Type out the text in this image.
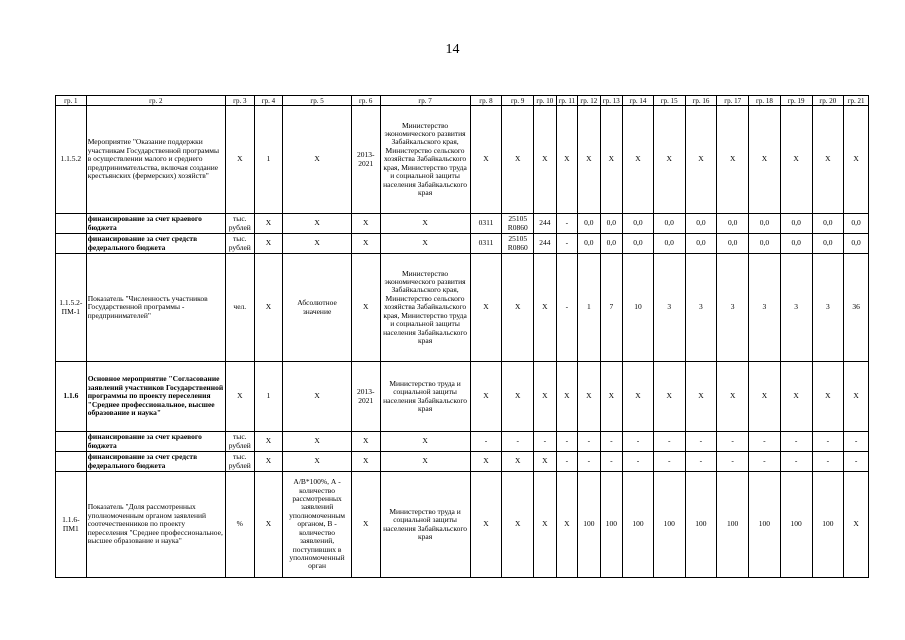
14
гр. 1	гр. 2	гр. 3	гр. 4	гр. 5	гр. 6	гр. 7	гр. 8	гр. 9	гр. 10	гр. 11	гр. 12	гр. 13	гр. 14	гр. 15	гр. 16	гр. 17	гр. 18	гр. 19	гр. 20	гр. 21
1.1.5.2	Мероприятие "Оказание поддержки участникам Государственной программы в осуществлении малого и среднего предпринимательства, включая создание крестьянских (фермерских) хозяйств"	X	1	X	2013-2021	Министерство экономического развития Забайкальского края, Министерство сельского хозяйства Забайкальского края, Министерство труда и социальной защиты населения Забайкальского края	X	X	X	X	X	X	X	X	X	X	X	X	X	X
	финансирование за счет краевого бюджета	тыс. рублей	X	X	X	X	0311	25105 R0860	244	-	0,0	0,0	0,0	0,0	0,0	0,0	0,0	0,0	0,0	0,0
	финансирование за счет средств федерального бюджета	тыс. рублей	X	X	X	X	0311	25105 R0860	244	-	0,0	0,0	0,0	0,0	0,0	0,0	0,0	0,0	0,0	0,0
1.1.5.2-ПМ-1	Показатель "Численность участников Государственной программы - предпринимателей"	чел.	X	Абсолютное значение	X	Министерство экономического развития Забайкальского края, Министерство сельского хозяйства Забайкальского края, Министерство труда и социальной защиты населения Забайкальского края	X	X	X	-	1	7	10	3	3	3	3	3	3	36
1.1.6	Основное мероприятие "Согласование заявлений участников Государственной программы по проекту переселения "Среднее профессиональное, высшее образование и наука"	X	1	X	2013-2021	Министерство труда и социальной защиты населения Забайкальского края	X	X	X	X	X	X	X	X	X	X	X	X	X	X
	финансирование за счет краевого бюджета	тыс. рублей	X	X	X	X	-	-	-	-	-	-	-	-	-	-	-	-	-	-
	финансирование за счет средств федерального бюджета	тыс. рублей	X	X	X	X	X	X	X	-	-	-	-	-	-	-	-	-	-	-
1.1.6-ПМ1	Показатель "Доля рассмотренных уполномоченным органом заявлений соотечественников по проекту переселения "Среднее профессиональное, высшее образование и наука"	%	X	А/В*100%, А - количество рассмотренных заявлений уполномоченным органом, В - количество заявлений, поступивших в уполномоченный орган	X	Министерство труда и социальной защиты населения Забайкальского края	X	X	X	X	100	100	100	100	100	100	100	100	100	X
